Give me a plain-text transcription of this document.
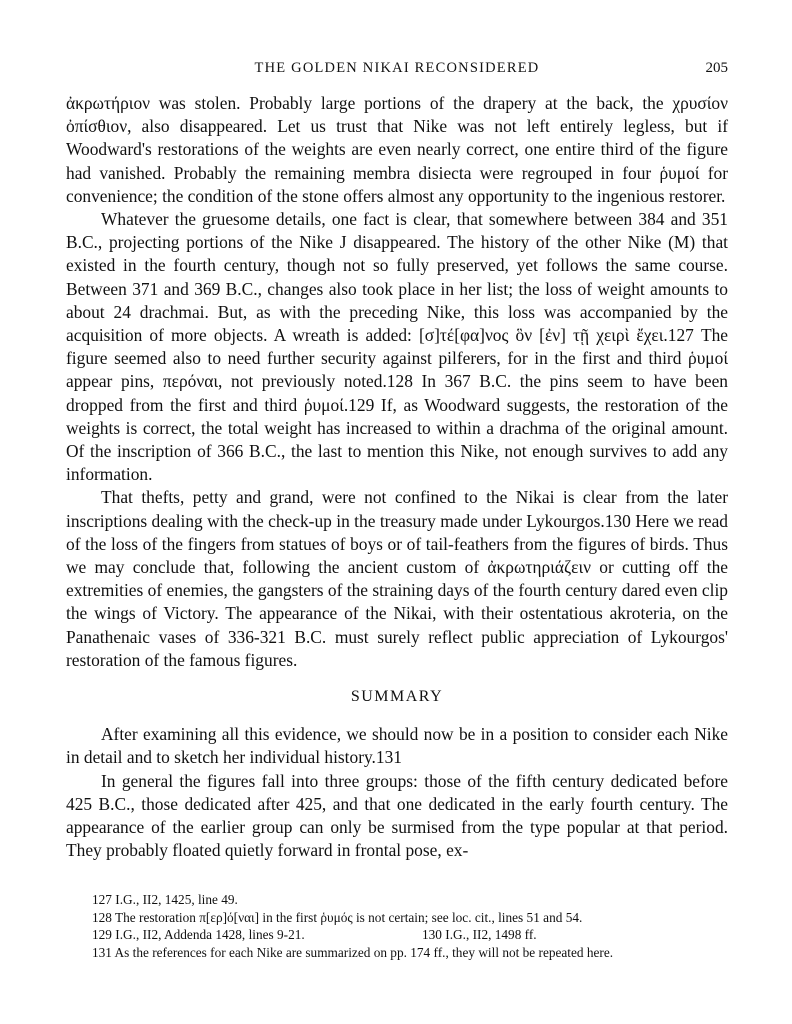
THE GOLDEN NIKAI RECONSIDERED	205

ἀκρωτήριον was stolen. Probably large portions of the drapery at the back, the χρυσίον ὀπίσθιον, also disappeared. Let us trust that Nike was not left entirely legless, but if Woodward's restorations of the weights are even nearly correct, one entire third of the figure had vanished. Probably the remaining membra disiecta were regrouped in four ῥυμοί for convenience; the condition of the stone offers almost any opportunity to the ingenious restorer.

Whatever the gruesome details, one fact is clear, that somewhere between 384 and 351 B.C., projecting portions of the Nike J disappeared. The history of the other Nike (M) that existed in the fourth century, though not so fully preserved, yet follows the same course. Between 371 and 369 B.C., changes also took place in her list; the loss of weight amounts to about 24 drachmai. But, as with the preceding Nike, this loss was accompanied by the acquisition of more objects. A wreath is added: [σ]τέ[φα]νος ὃν [ἐν] τῇ χειρὶ ἔχει.127 The figure seemed also to need further security against pilferers, for in the first and third ῥυμοί appear pins, περόναι, not previously noted.128 In 367 B.C. the pins seem to have been dropped from the first and third ῥυμοί.129 If, as Woodward suggests, the restoration of the weights is correct, the total weight has increased to within a drachma of the original amount. Of the inscription of 366 B.C., the last to mention this Nike, not enough survives to add any information.

That thefts, petty and grand, were not confined to the Nikai is clear from the later inscriptions dealing with the check-up in the treasury made under Lykourgos.130 Here we read of the loss of the fingers from statues of boys or of tail-feathers from the figures of birds. Thus we may conclude that, following the ancient custom of ἀκρωτηριάζειν or cutting off the extremities of enemies, the gangsters of the straining days of the fourth century dared even clip the wings of Victory. The appearance of the Nikai, with their ostentatious akroteria, on the Panathenaic vases of 336-321 B.C. must surely reflect public appreciation of Lykourgos' restoration of the famous figures.

SUMMARY

After examining all this evidence, we should now be in a position to consider each Nike in detail and to sketch her individual history.131

In general the figures fall into three groups: those of the fifth century dedicated before 425 B.C., those dedicated after 425, and that one dedicated in the early fourth century. The appearance of the earlier group can only be surmised from the type popular at that period. They probably floated quietly forward in frontal pose, ex-

127 I.G., II2, 1425, line 49.
128 The restoration π[ερ]ό[ναι] in the first ῥυμός is not certain; see loc. cit., lines 51 and 54.
129 I.G., II2, Addenda 1428, lines 9-21.	130 I.G., II2, 1498 ff.
131 As the references for each Nike are summarized on pp. 174 ff., they will not be repeated here.
